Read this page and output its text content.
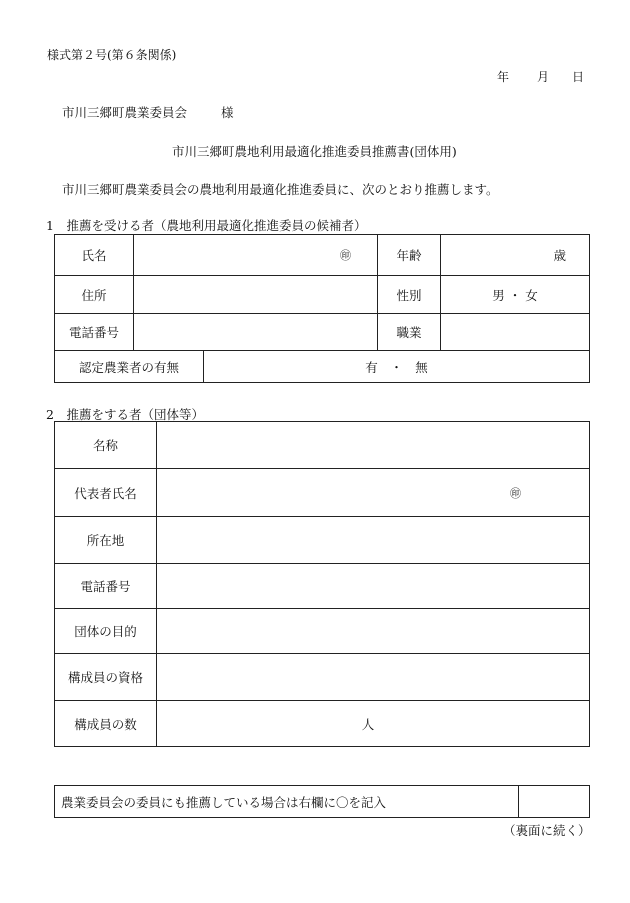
様式第２号(第６条関係)
年 月 日
市川三郷町農業委員会	様
市川三郷町農地利用最適化推進委員推薦書(団体用)
市川三郷町農業委員会の農地利用最適化推進委員に、次のとおり推薦します。
1　推薦を受ける者（農地利用最適化推進委員の候補者）
氏名	㊞	年齢	歳
住所		性別	男 ・ 女
電話番号		職業	
認定農業者の有無	有　・　無
2　推薦をする者（団体等）
名称	
代表者氏名	㊞
所在地	
電話番号	
団体の目的	
構成員の資格	
構成員の数	人
農業委員会の委員にも推薦している場合は右欄に〇を記入	
（裏面に続く）
